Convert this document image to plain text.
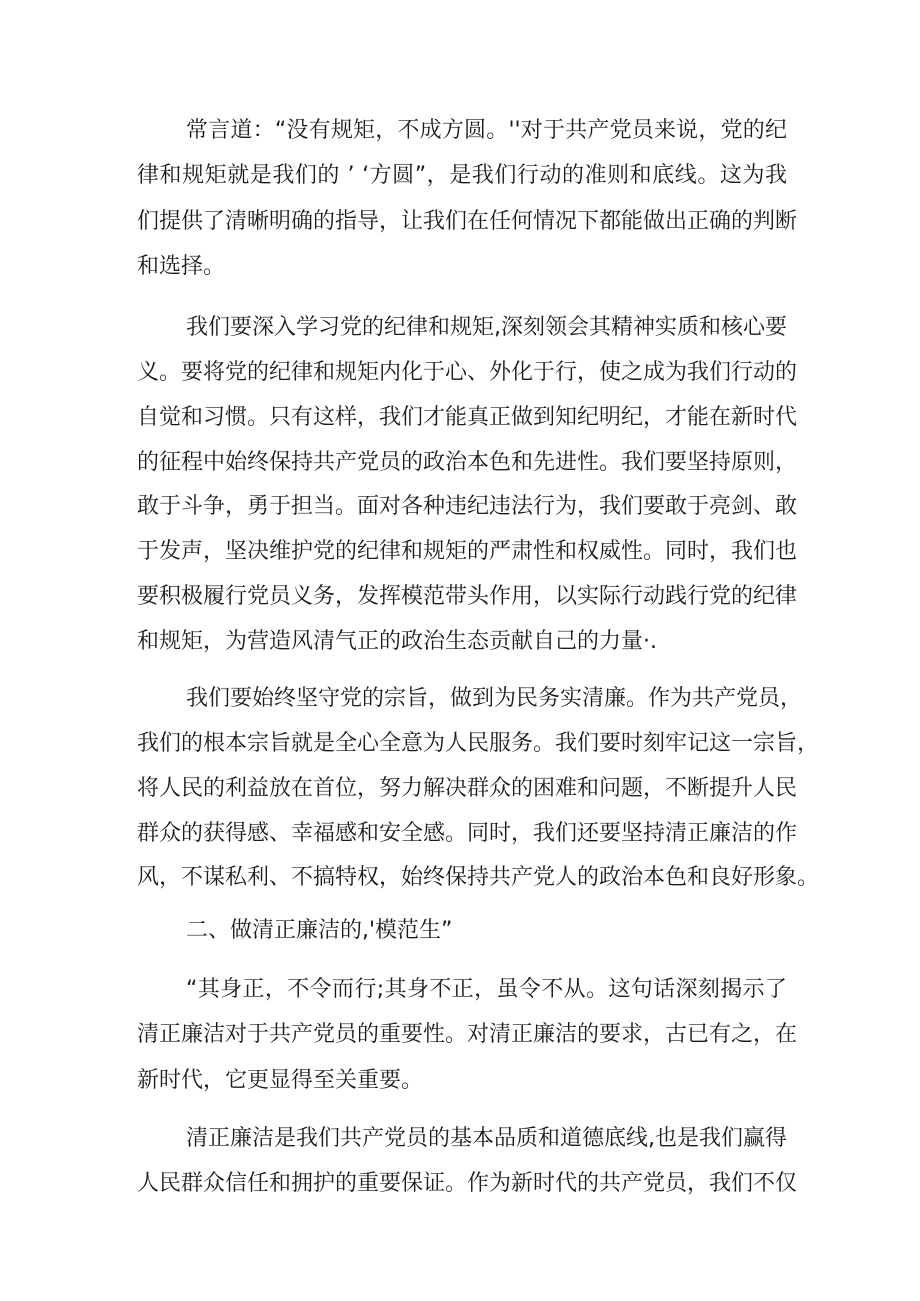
常言道：“没有规矩，不成方圆。''对于共产党员来说，党的纪
律和规矩就是我们的 ’ ‘方圆”，是我们行动的准则和底线。这为我
们提供了清晰明确的指导，让我们在任何情况下都能做出正确的判断
和选择。
我们要深入学习党的纪律和规矩,深刻领会其精神实质和核心要
义。要将党的纪律和规矩内化于心、外化于行，使之成为我们行动的
自觉和习惯。只有这样，我们才能真正做到知纪明纪，才能在新时代
的征程中始终保持共产党员的政治本色和先进性。我们要坚持原则，
敢于斗争，勇于担当。面对各种违纪违法行为，我们要敢于亮剑、敢
于发声，坚决维护党的纪律和规矩的严肃性和权威性。同时，我们也
要积极履行党员义务，发挥模范带头作用，以实际行动践行党的纪律
和规矩，为营造风清气正的政治生态贡献自己的力量·.
我们要始终坚守党的宗旨，做到为民务实清廉。作为共产党员，
我们的根本宗旨就是全心全意为人民服务。我们要时刻牢记这一宗旨，
将人民的利益放在首位，努力解决群众的困难和问题，不断提升人民
群众的获得感、幸福感和安全感。同时，我们还要坚持清正廉洁的作
风，不谋私利、不搞特权，始终保持共产党人的政治本色和良好形象。
二、做清正廉洁的,'模范生”
“其身正，不令而行;其身不正，虽令不从。这句话深刻揭示了
清正廉洁对于共产党员的重要性。对清正廉洁的要求，古已有之，在
新时代，它更显得至关重要。
清正廉洁是我们共产党员的基本品质和道德底线,也是我们赢得
人民群众信任和拥护的重要保证。作为新时代的共产党员，我们不仅
